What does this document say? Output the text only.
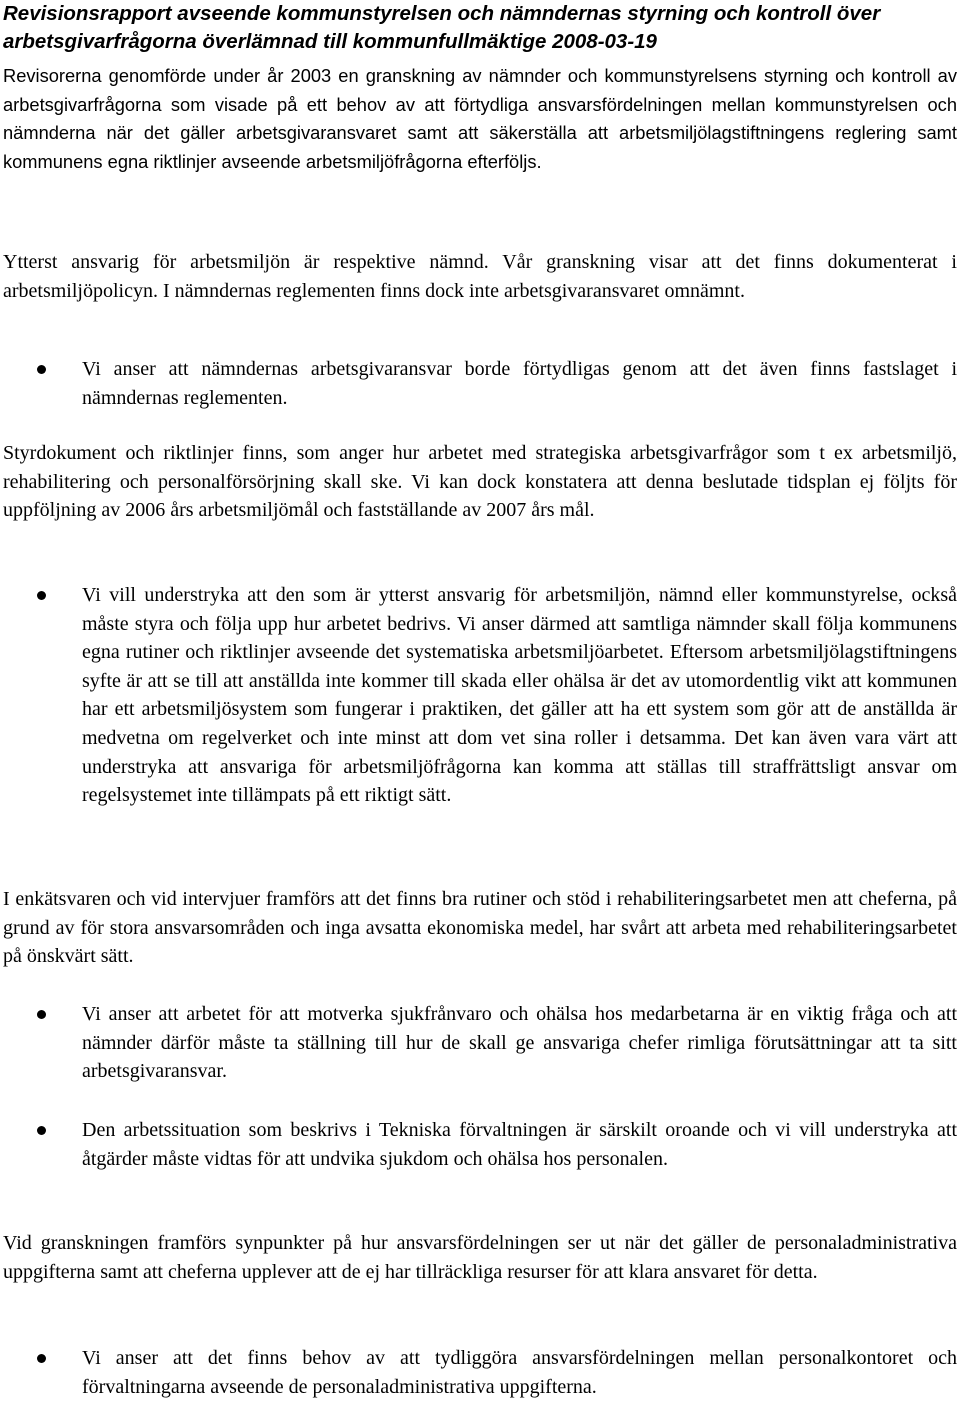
Revisionsrapport avseende kommunstyrelsen och nämndernas styrning och kontroll över arbetsgivarfrågorna överlämnad till kommunfullmäktige 2008-03-19

Revisorerna genomförde under år 2003 en granskning av nämnder och kommunstyrelsens styrning och kontroll av arbetsgivarfrågorna som visade på ett behov av att förtydliga ansvarsfördelningen mellan kommunstyrelsen och nämnderna när det gäller arbetsgivaransvaret samt att säkerställa att arbetsmiljölagstiftningens reglering samt kommunens egna riktlinjer avseende arbetsmiljöfrågorna efterföljs.

Ytterst ansvarig för arbetsmiljön är respektive nämnd. Vår granskning visar att det finns dokumenterat i arbetsmiljöpolicyn. I nämndernas reglementen finns dock inte arbetsgivaransvaret omnämnt.

Vi anser att nämndernas arbetsgivaransvar borde förtydligas genom att det även finns fastslaget i nämndernas reglementen.

Styrdokument och riktlinjer finns, som anger hur arbetet med strategiska arbetsgivarfrågor som t ex arbetsmiljö, rehabilitering och personalförsörjning skall ske. Vi kan dock konstatera att denna beslutade tidsplan ej följts för uppföljning av 2006 års arbetsmiljömål och fastställande av 2007 års mål.

Vi vill understryka att den som är ytterst ansvarig för arbetsmiljön, nämnd eller kommunstyrelse, också måste styra och följa upp hur arbetet bedrivs. Vi anser därmed att samtliga nämnder skall följa kommunens egna rutiner och riktlinjer avseende det systematiska arbetsmiljöarbetet. Eftersom arbetsmiljölagstiftningens syfte är att se till att anställda inte kommer till skada eller ohälsa är det av utomordentlig vikt att kommunen har ett arbetsmiljösystem som fungerar i praktiken, det gäller att ha ett system som gör att de anställda är medvetna om regelverket och inte minst att dom vet sina roller i detsamma. Det kan även vara värt att understryka att ansvariga för arbetsmiljöfrågorna kan komma att ställas till straffrättsligt ansvar om regelsystemet inte tillämpats på ett riktigt sätt.

I enkätsvaren och vid intervjuer framförs att det finns bra rutiner och stöd i rehabiliteringsarbetet men att cheferna, på grund av för stora ansvarsområden och inga avsatta ekonomiska medel, har svårt att arbeta med rehabiliteringsarbetet på önskvärt sätt.

Vi anser att arbetet för att motverka sjukfrånvaro och ohälsa hos medarbetarna är en viktig fråga och att nämnder därför måste ta ställning till hur de skall ge ansvariga chefer rimliga förutsättningar att ta sitt arbetsgivaransvar.

Den arbetssituation som beskrivs i Tekniska förvaltningen är särskilt oroande och vi vill understryka att åtgärder måste vidtas för att undvika sjukdom och ohälsa hos personalen.

Vid granskningen framförs synpunkter på hur ansvarsfördelningen ser ut när det gäller de personaladministrativa uppgifterna samt att cheferna upplever att de ej har tillräckliga resurser för att klara ansvaret för detta.

Vi anser att det finns behov av att tydliggöra ansvarsfördelningen mellan personalkontoret och förvaltningarna avseende de personaladministrativa uppgifterna.
